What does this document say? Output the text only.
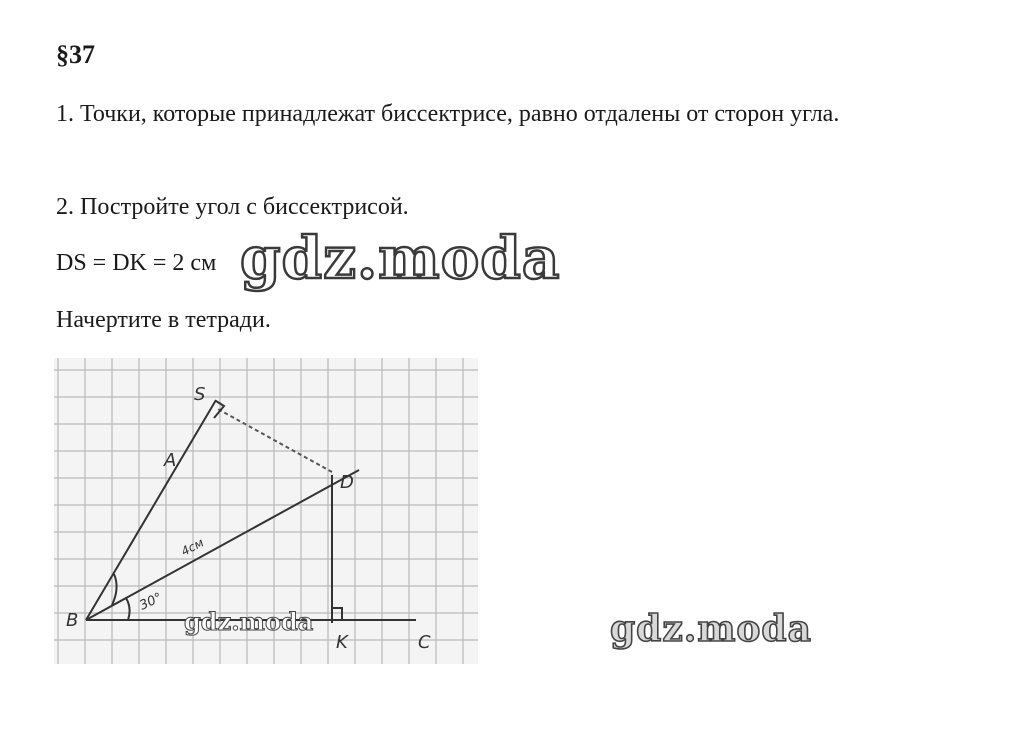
§37
1. Точки, которые принадлежат биссектрисе, равно отдалены от сторон угла.
2. Постройте угол с биссектрисой.
DS = DK = 2 см
Начертите в тетради.
gdz.moda
S
A
D
B
K	C
30°
4см
gdz.moda	gdz.moda
